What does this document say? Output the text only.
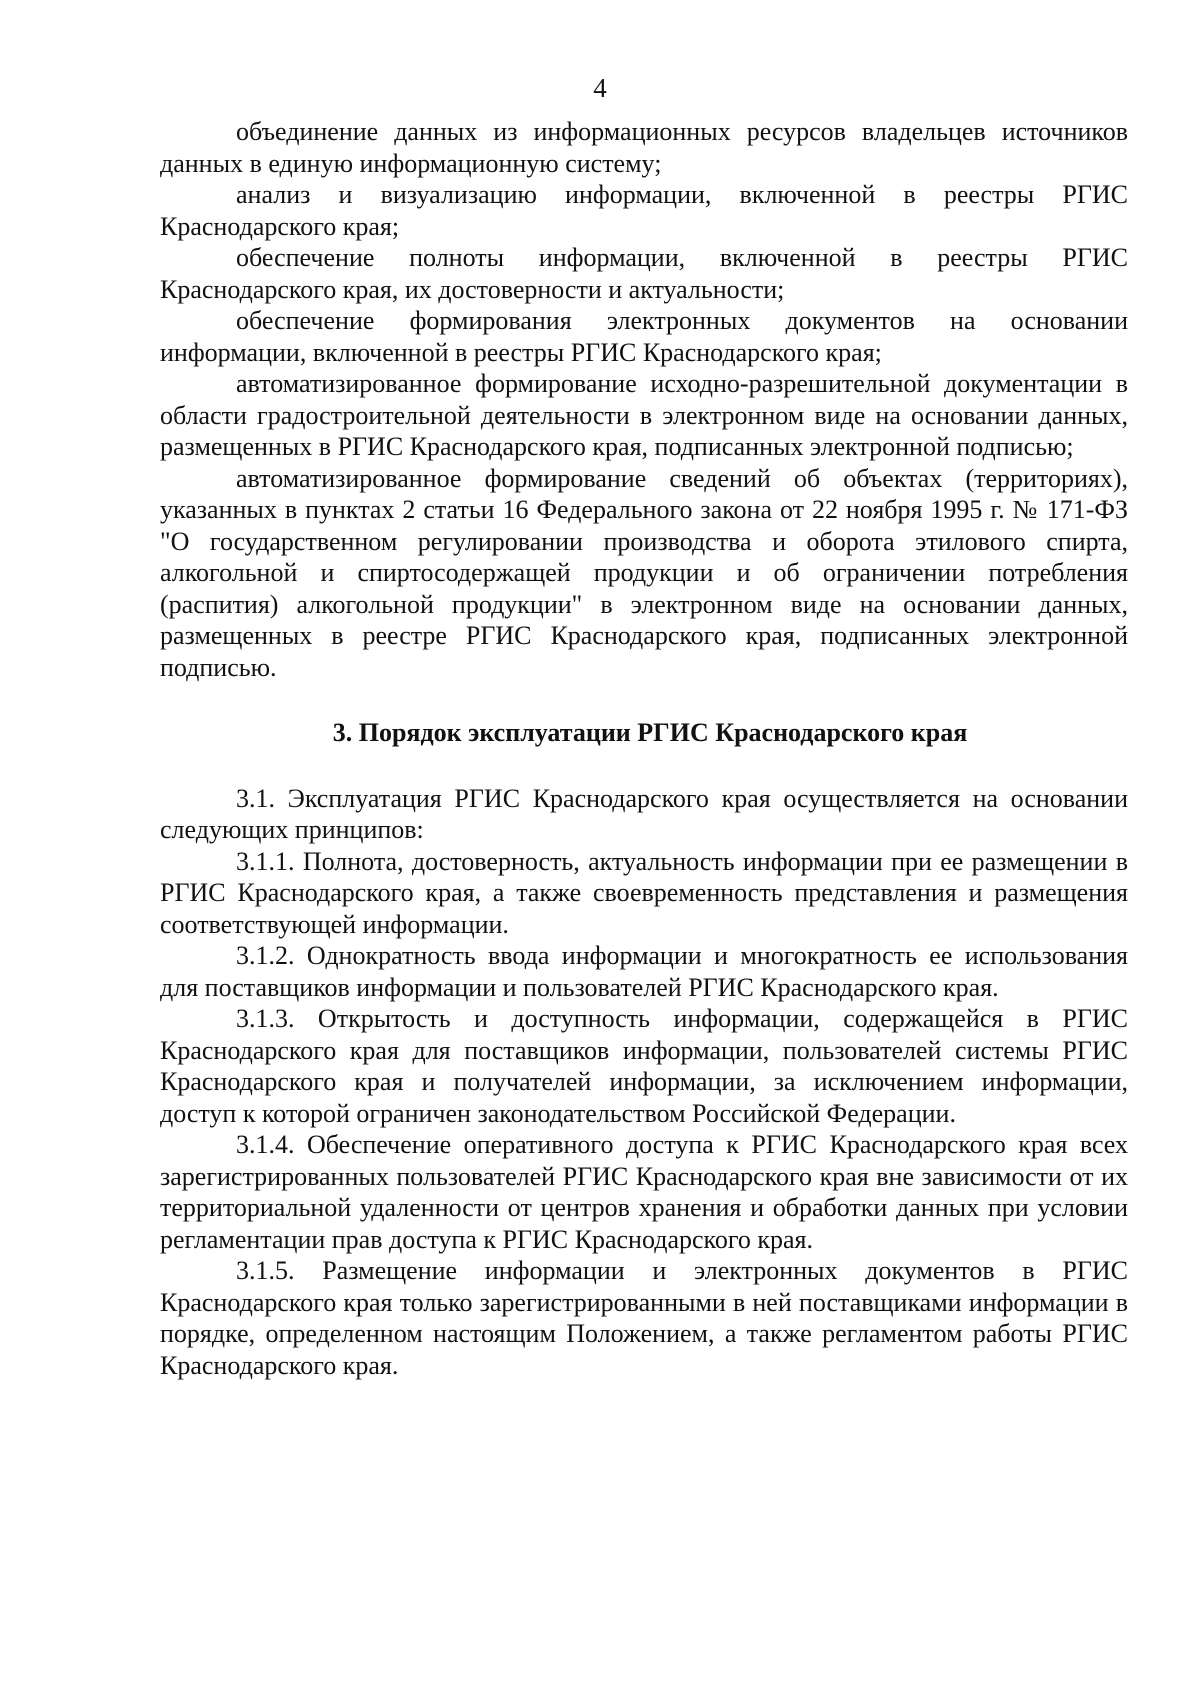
4

объединение данных из информационных ресурсов владельцев источников данных в единую информационную систему;

анализ и визуализацию информации, включенной в реестры РГИС Краснодарского края;

обеспечение полноты информации, включенной в реестры РГИС Краснодарского края, их достоверности и актуальности;

обеспечение формирования электронных документов на основании информации, включенной в реестры РГИС Краснодарского края;

автоматизированное формирование исходно-разрешительной документации в области градостроительной деятельности в электронном виде на основании данных, размещенных в РГИС Краснодарского края, подписанных электронной подписью;

автоматизированное формирование сведений об объектах (территориях), указанных в пунктах 2 статьи 16 Федерального закона от 22 ноября 1995 г. № 171-ФЗ "О государственном регулировании производства и оборота этилового спирта, алкогольной и спиртосодержащей продукции и об ограничении потребления (распития) алкогольной продукции" в электронном виде на основании данных, размещенных в реестре РГИС Краснодарского края, подписанных электронной подписью.

3. Порядок эксплуатации РГИС Краснодарского края

3.1. Эксплуатация РГИС Краснодарского края осуществляется на основании следующих принципов:

3.1.1. Полнота, достоверность, актуальность информации при ее размещении в РГИС Краснодарского края, а также своевременность представления и размещения соответствующей информации.

3.1.2. Однократность ввода информации и многократность ее использования для поставщиков информации и пользователей РГИС Краснодарского края.

3.1.3. Открытость и доступность информации, содержащейся в РГИС Краснодарского края для поставщиков информации, пользователей системы РГИС Краснодарского края и получателей информации, за исключением информации, доступ к которой ограничен законодательством Российской Федерации.

3.1.4. Обеспечение оперативного доступа к РГИС Краснодарского края всех зарегистрированных пользователей РГИС Краснодарского края вне зависимости от их территориальной удаленности от центров хранения и обработки данных при условии регламентации прав доступа к РГИС Краснодарского края.

3.1.5. Размещение информации и электронных документов в РГИС Краснодарского края только зарегистрированными в ней поставщиками информации в порядке, определенном настоящим Положением, а также регламентом работы РГИС Краснодарского края.
